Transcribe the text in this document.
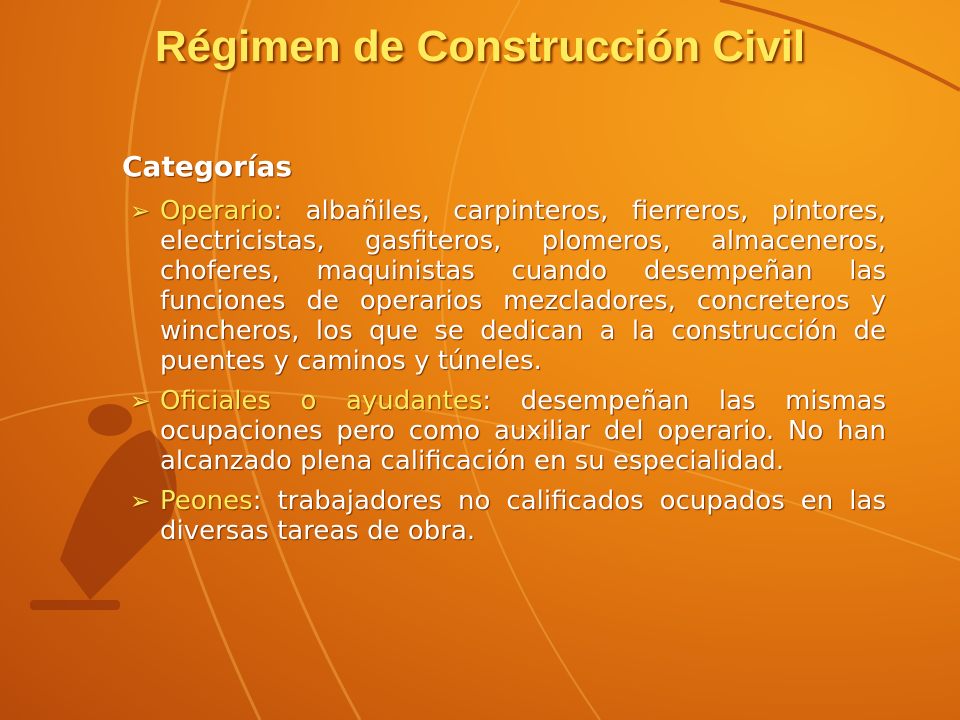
Régimen de Construcción Civil
Categorías
➢ Operario: albañiles, carpinteros, fierreros, pintores, electricistas, gasfiteros, plomeros, almaceneros, choferes, maquinistas cuando desempeñan las funciones de operarios mezcladores, concreteros y wincheros, los que se dedican a la construcción de puentes y caminos y túneles.
➢ Oficiales o ayudantes: desempeñan las mismas ocupaciones pero como auxiliar del operario. No han alcanzado plena calificación en su especialidad.
➢ Peones: trabajadores no calificados ocupados en las diversas tareas de obra.
